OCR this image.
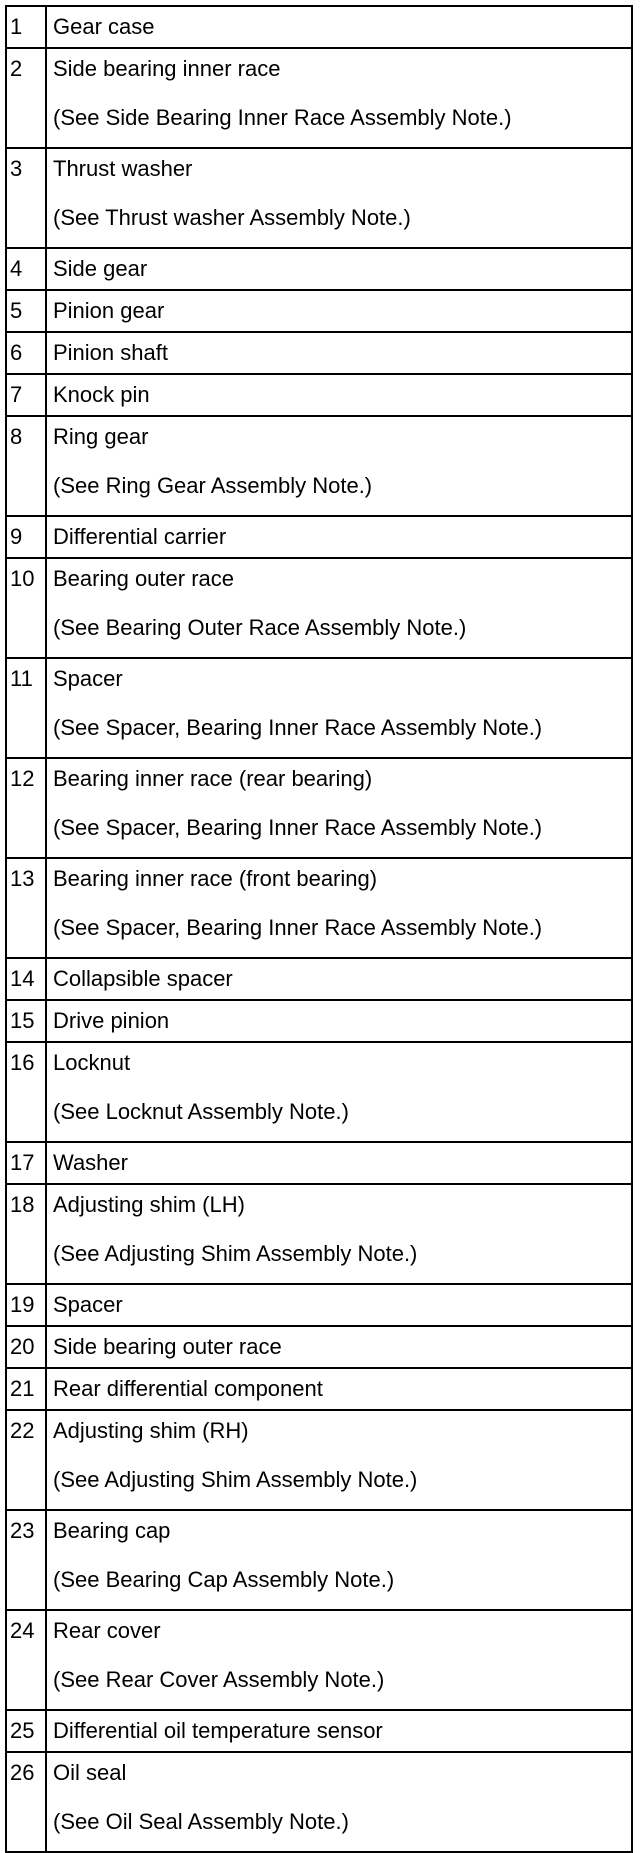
1	Gear case

2	Side bearing inner race
(See Side Bearing Inner Race Assembly Note.)

3	Thrust washer
(See Thrust washer Assembly Note.)

4	Side gear

5	Pinion gear

6	Pinion shaft

7	Knock pin

8	Ring gear
(See Ring Gear Assembly Note.)

9	Differential carrier

10	Bearing outer race
(See Bearing Outer Race Assembly Note.)

11	Spacer
(See Spacer, Bearing Inner Race Assembly Note.)

12	Bearing inner race (rear bearing)
(See Spacer, Bearing Inner Race Assembly Note.)

13	Bearing inner race (front bearing)
(See Spacer, Bearing Inner Race Assembly Note.)

14	Collapsible spacer

15	Drive pinion

16	Locknut
(See Locknut Assembly Note.)

17	Washer

18	Adjusting shim (LH)
(See Adjusting Shim Assembly Note.)

19	Spacer

20	Side bearing outer race

21	Rear differential component

22	Adjusting shim (RH)
(See Adjusting Shim Assembly Note.)

23	Bearing cap
(See Bearing Cap Assembly Note.)

24	Rear cover
(See Rear Cover Assembly Note.)

25	Differential oil temperature sensor

26	Oil seal
(See Oil Seal Assembly Note.)
